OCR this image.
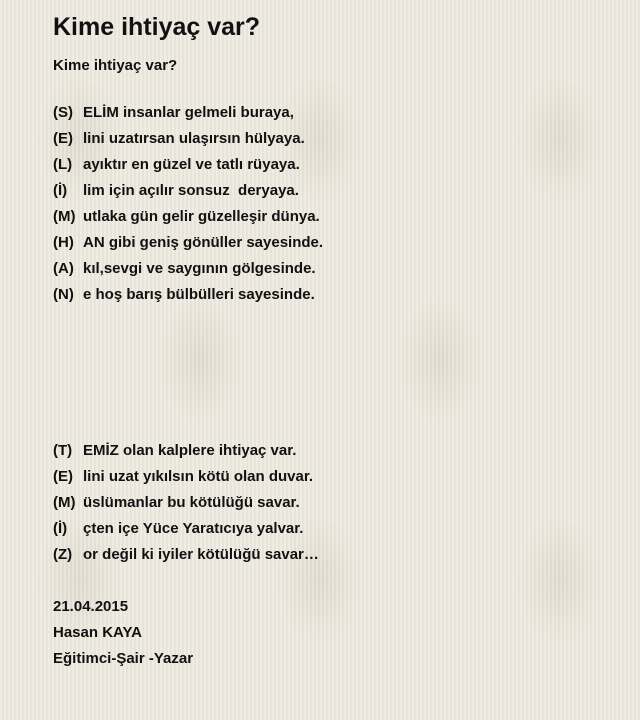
Kime ihtiyaç var?
Kime ihtiyaç var?
(S) ELİM insanlar gelmeli buraya,
(E) lini uzatırsan ulaşırsın hülyaya.
(L) ayıktır en güzel ve tatlı rüyaya.
(İ) lim için açılır sonsuz  deryaya.
(M) utlaka gün gelir güzelleşir dünya.
(H) AN gibi geniş gönüller sayesinde.
(A) kıl,sevgi ve saygının gölgesinde.
(N) e hoş barış bülbülleri sayesinde.
(T) EMİZ olan kalplere ihtiyaç var.
(E) lini uzat yıkılsın kötü olan duvar.
(M) üslümanlar bu kötülüğü savar.
(İ) çten içe Yüce Yaratıcıya yalvar.
(Z) or değil ki iyiler kötülüğü savar…
21.04.2015
Hasan KAYA
Eğitimci-Şair -Yazar
